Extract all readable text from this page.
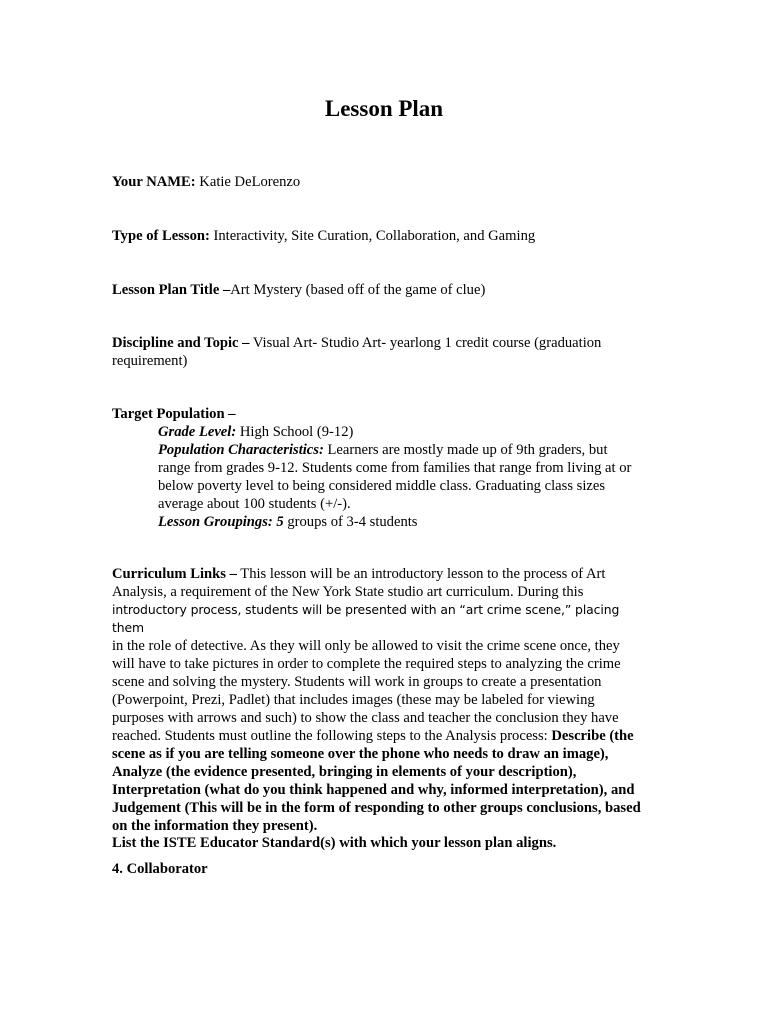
Lesson Plan
Your NAME: Katie DeLorenzo
Type of Lesson: Interactivity, Site Curation, Collaboration, and Gaming
Lesson Plan Title –Art Mystery (based off of the game of clue)
Discipline and Topic – Visual Art- Studio Art- yearlong 1 credit course (graduation requirement)
Target Population –
Grade Level: High School (9-12)
Population Characteristics: Learners are mostly made up of 9th graders, but
range from grades 9-12. Students come from families that range from living at or below poverty level to being considered middle class. Graduating class sizes average about 100 students (+/-).
Lesson Groupings: 5 groups of 3-4 students
Curriculum Links – This lesson will be an introductory lesson to the process of Art
Analysis, a requirement of the New York State studio art curriculum. During this
introductory process, students will be presented with an “art crime scene,” placing them
in the role of detective. As they will only be allowed to visit the crime scene once, they will have to take pictures in order to complete the required steps to analyzing the crime scene and solving the mystery. Students will work in groups to create a presentation (Powerpoint, Prezi, Padlet) that includes images (these may be labeled for viewing purposes with arrows and such) to show the class and teacher the conclusion they have reached. Students must outline the following steps to the Analysis process: Describe (the scene as if you are telling someone over the phone who needs to draw an image), Analyze (the evidence presented, bringing in elements of your description), Interpretation (what do you think happened and why, informed interpretation), and Judgement (This will be in the form of responding to other groups conclusions, based on the information they present).
List the ISTE Educator Standard(s) with which your lesson plan aligns.
4. Collaborator
